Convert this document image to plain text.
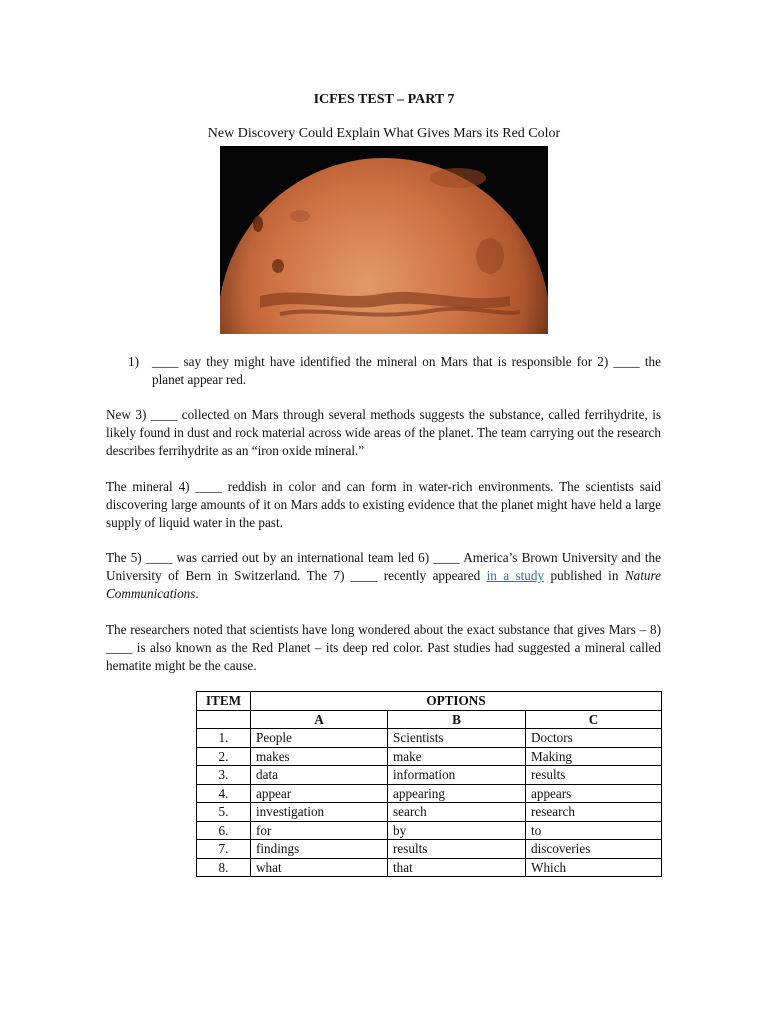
ICFES TEST – PART 7
New Discovery Could Explain What Gives Mars its Red Color
1) ____ say they might have identified the mineral on Mars that is responsible for 2) ____ the planet appear red.
New 3) ____ collected on Mars through several methods suggests the substance, called ferrihydrite, is likely found in dust and rock material across wide areas of the planet. The team carrying out the research describes ferrihydrite as an “iron oxide mineral.”
The mineral 4) ____ reddish in color and can form in water-rich environments. The scientists said discovering large amounts of it on Mars adds to existing evidence that the planet might have held a large supply of liquid water in the past.
The 5) ____ was carried out by an international team led 6) ____ America’s Brown University and the University of Bern in Switzerland. The 7) ____ recently appeared in a study published in Nature Communications.
The researchers noted that scientists have long wondered about the exact substance that gives Mars – 8) ____ is also known as the Red Planet – its deep red color. Past studies had suggested a mineral called hematite might be the cause.
ITEM	OPTIONS		
	A	B	C
1.	People	Scientists	Doctors
2.	makes	make	Making
3.	data	information	results
4.	appear	appearing	appears
5.	investigation	search	research
6.	for	by	to
7.	findings	results	discoveries
8.	what	that	Which
